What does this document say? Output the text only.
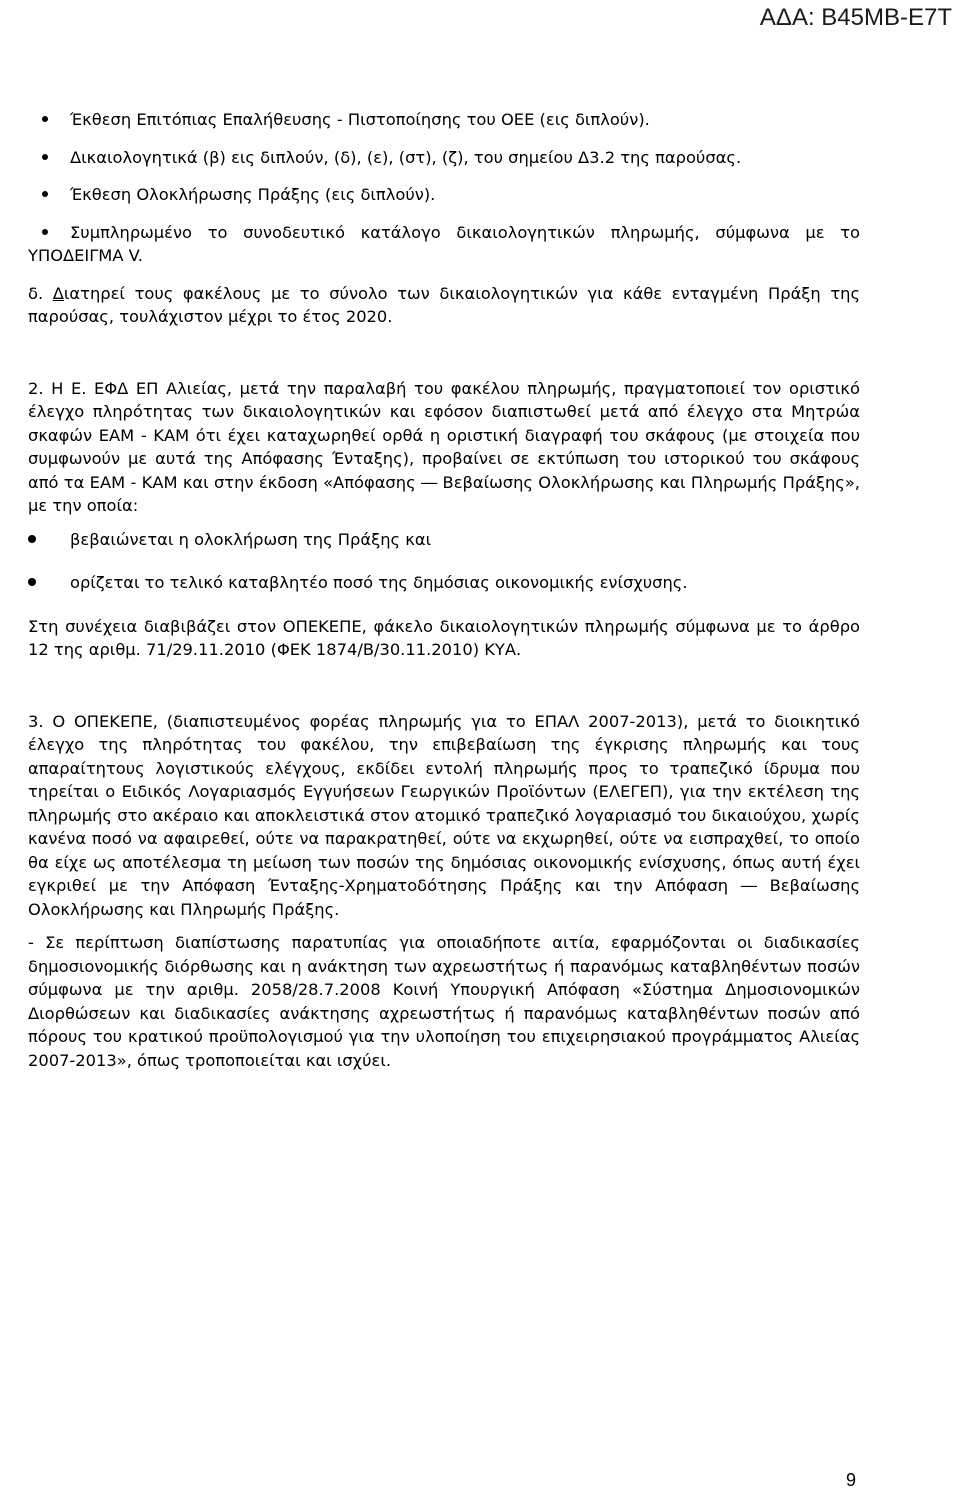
ΑΔΑ: Β45ΜΒ-Ε7Τ
Έκθεση Επιτόπιας Επαλήθευσης - Πιστοποίησης του ΟΕΕ (εις διπλούν).
Δικαιολογητικά (β) εις διπλούν, (δ), (ε), (στ), (ζ), του σημείου Δ3.2 της παρούσας.
Έκθεση Ολοκλήρωσης Πράξης (εις διπλούν).
Συμπληρωμένο το συνοδευτικό κατάλογο δικαιολογητικών πληρωμής, σύμφωνα με το ΥΠΟΔΕΙΓΜΑ V.

δ. Διατηρεί τους φακέλους με το σύνολο των δικαιολογητικών για κάθε ενταγμένη Πράξη της παρούσας, τουλάχιστον μέχρι το έτος 2020.

2. Η Ε. ΕΦΔ ΕΠ Αλιείας, μετά την παραλαβή του φακέλου πληρωμής, πραγματοποιεί τον οριστικό έλεγχο πληρότητας των δικαιολογητικών και εφόσον διαπιστωθεί μετά από έλεγχο στα Μητρώα σκαφών ΕΑΜ - ΚΑΜ ότι έχει καταχωρηθεί ορθά η οριστική διαγραφή του σκάφους (με στοιχεία που συμφωνούν με αυτά της Απόφασης Ένταξης), προβαίνει σε εκτύπωση του ιστορικού του σκάφους από τα ΕΑΜ - ΚΑΜ και στην έκδοση «Απόφασης ― Βεβαίωσης Ολοκλήρωσης και Πληρωμής Πράξης», με την οποία:

βεβαιώνεται η ολοκλήρωση της Πράξης και
ορίζεται το τελικό καταβλητέο ποσό της δημόσιας οικονομικής ενίσχυσης.

Στη συνέχεια διαβιβάζει στον ΟΠΕΚΕΠΕ, φάκελο δικαιολογητικών πληρωμής σύμφωνα με το άρθρο 12 της αριθμ. 71/29.11.2010 (ΦΕΚ 1874/Β/30.11.2010) ΚΥΑ.

3. Ο ΟΠΕΚΕΠΕ, (διαπιστευμένος φορέας πληρωμής για το ΕΠΑΛ 2007-2013), μετά το διοικητικό έλεγχο της πληρότητας του φακέλου, την επιβεβαίωση της έγκρισης πληρωμής και τους απαραίτητους λογιστικούς ελέγχους, εκδίδει εντολή πληρωμής προς το τραπεζικό ίδρυμα που τηρείται ο Ειδικός Λογαριασμός Εγγυήσεων Γεωργικών Προϊόντων (ΕΛΕΓΕΠ), για την εκτέλεση της πληρωμής στο ακέραιο και αποκλειστικά στον ατομικό τραπεζικό λογαριασμό του δικαιούχου, χωρίς κανένα ποσό να αφαιρεθεί, ούτε να παρακρατηθεί, ούτε να εκχωρηθεί, ούτε να εισπραχθεί, το οποίο θα είχε ως αποτέλεσμα τη μείωση των ποσών της δημόσιας οικονομικής ενίσχυσης, όπως αυτή έχει εγκριθεί με την Απόφαση Ένταξης-Χρηματοδότησης Πράξης και την Απόφαση ― Βεβαίωσης Ολοκλήρωσης και Πληρωμής Πράξης.

- Σε περίπτωση διαπίστωσης παρατυπίας για οποιαδήποτε αιτία, εφαρμόζονται οι διαδικασίες δημοσιονομικής διόρθωσης και η ανάκτηση των αχρεωστήτως ή παρανόμως καταβληθέντων ποσών σύμφωνα με την αριθμ. 2058/28.7.2008 Κοινή Υπουργική Απόφαση «Σύστημα Δημοσιονομικών Διορθώσεων και διαδικασίες ανάκτησης αχρεωστήτως ή παρανόμως καταβληθέντων ποσών από πόρους του κρατικού προϋπολογισμού για την υλοποίηση του επιχειρησιακού προγράμματος Αλιείας 2007-2013», όπως τροποποιείται και ισχύει.

9
